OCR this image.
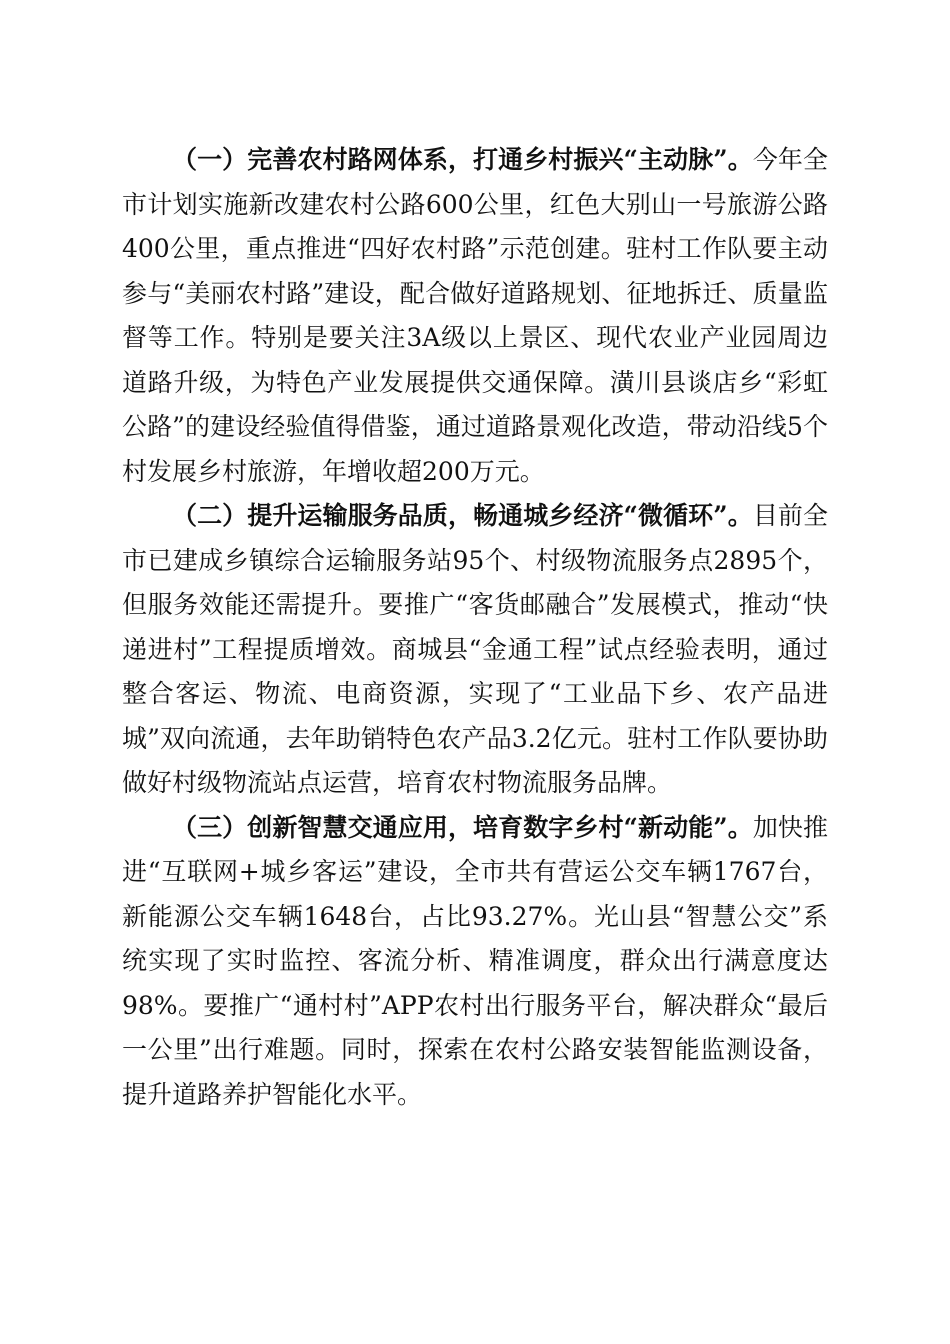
（一）完善农村路网体系，打通乡村振兴“主动脉”。今年全市计划实施新改建农村公路600公里，红色大别山一号旅游公路400公里，重点推进“四好农村路”示范创建。驻村工作队要主动参与“美丽农村路”建设，配合做好道路规划、征地拆迁、质量监督等工作。特别是要关注3A级以上景区、现代农业产业园周边道路升级，为特色产业发展提供交通保障。潢川县谈店乡“彩虹公路”的建设经验值得借鉴，通过道路景观化改造，带动沿线5个村发展乡村旅游，年增收超200万元。

（二）提升运输服务品质，畅通城乡经济“微循环”。目前全市已建成乡镇综合运输服务站95个、村级物流服务点2895个，但服务效能还需提升。要推广“客货邮融合”发展模式，推动“快递进村”工程提质增效。商城县“金通工程”试点经验表明，通过整合客运、物流、电商资源，实现了“工业品下乡、农产品进城”双向流通，去年助销特色农产品3.2亿元。驻村工作队要协助做好村级物流站点运营，培育农村物流服务品牌。

（三）创新智慧交通应用，培育数字乡村“新动能”。加快推进“互联网+城乡客运”建设，全市共有营运公交车辆1767台，新能源公交车辆1648台，占比93.27%。光山县“智慧公交”系统实现了实时监控、客流分析、精准调度，群众出行满意度达98%。要推广“通村村”APP农村出行服务平台，解决群众“最后一公里”出行难题。同时，探索在农村公路安装智能监测设备，提升道路养护智能化水平。
